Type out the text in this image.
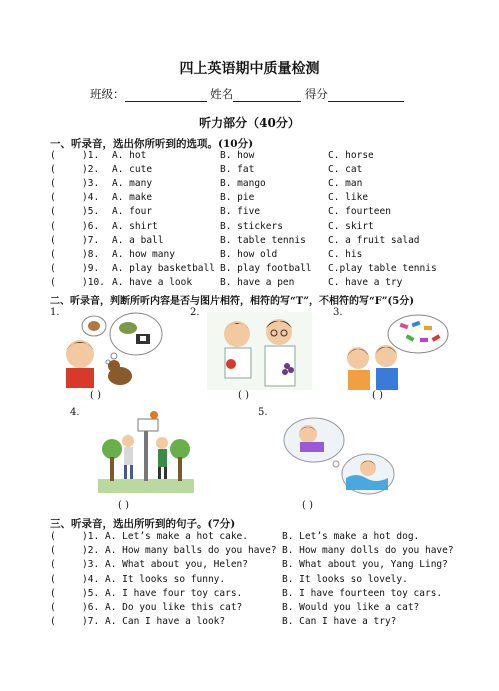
四上英语期中质量检测
班级：	姓名	得分
听力部分（40分）
一、听录音，选出你所听到的选项。(10分)
(	)1. A. hot	B. how	C. horse
(	)2. A. cute	B. fat	C. cat
(	)3. A. many	B. mango	C. man
(	)4. A. make	B. pie	C. like
(	)5. A. four	B. five	C. fourteen
(	)6. A. shirt	B. stickers	C. skirt
(	)7. A. a ball	B. table tennis C. a fruit salad
(	)8. A. how many	B. how old	C. his
(	)9. A. play basketball B. play football C.play table tennis
(	)10. A. have a look	B. have a pen	C. have a try
二、听录音，判断所听内容是否与图片相符，相符的写“T”，不相符的写“F”(5分)
1.	2.	3.
4.	5.
( )	( )	( )
( )	( )
三、听录音，选出所听到的句子。(7分)
(	)1. A. Let’s make a hot cake.	B. Let’s make a hot dog.
(	)2. A. How many balls do you have? B. How many dolls do you have?
(	)3. A. What about you, Helen?	B. What about you, Yang Ling?
(	)4. A. It looks so funny.	B. It looks so lovely.
(	)5. A. I have four toy cars.	B. I have fourteen toy cars.
(	)6. A. Do you like this cat?	B. Would you like a cat?
(	)7. A. Can I have a look?	B. Can I have a try?
